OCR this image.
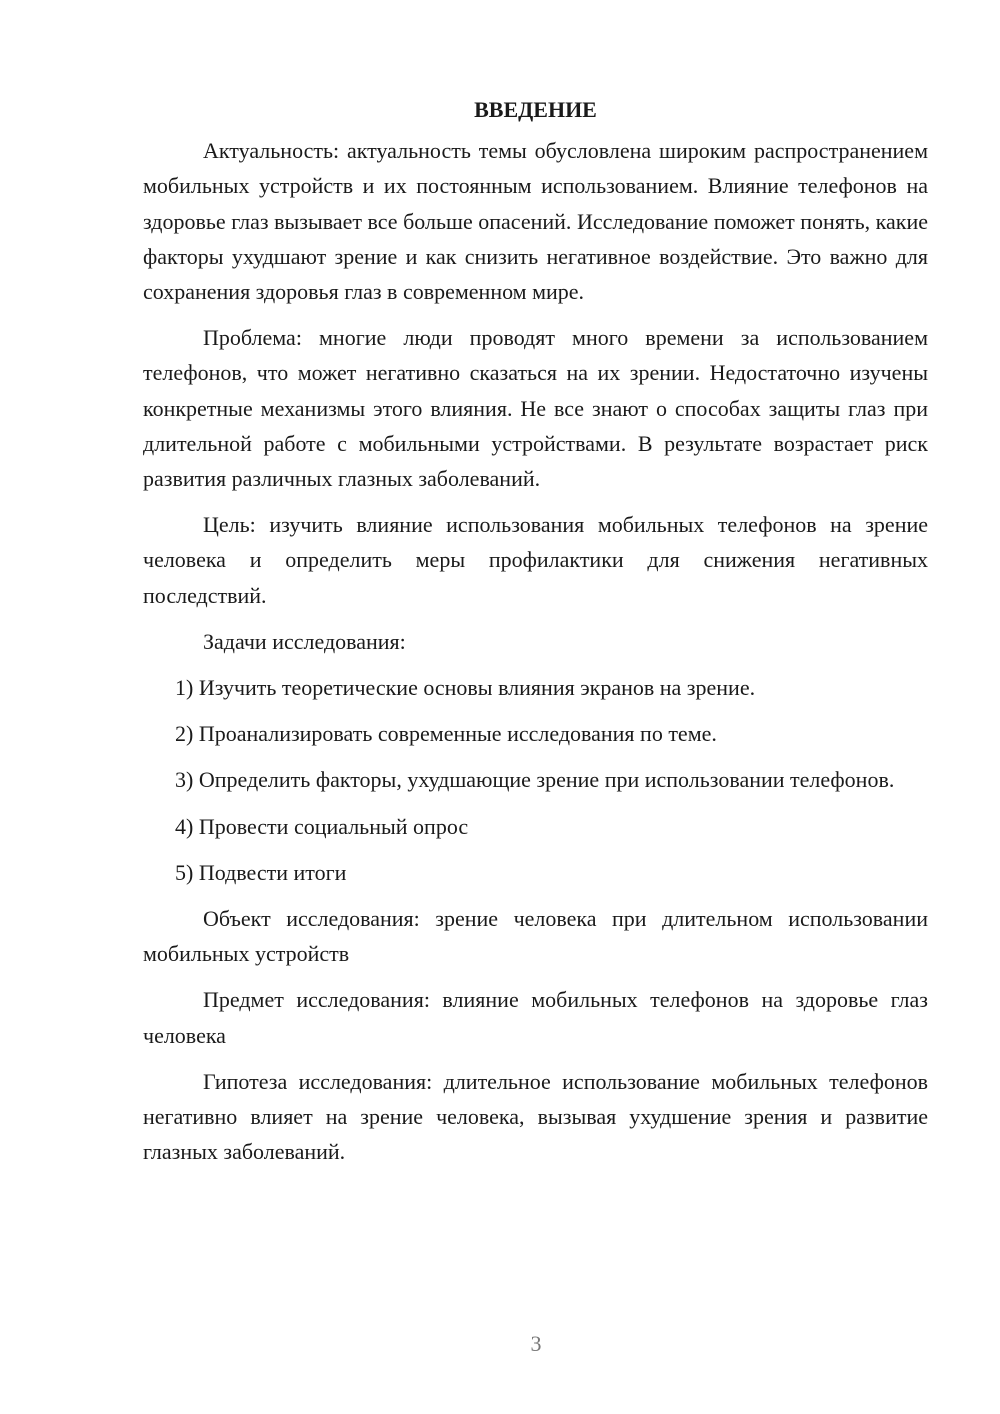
ВВЕДЕНИЕ

Актуальность: актуальность темы обусловлена широким распространением мобильных устройств и их постоянным использованием. Влияние телефонов на здоровье глаз вызывает все больше опасений. Исследование поможет понять, какие факторы ухудшают зрение и как снизить негативное воздействие. Это важно для сохранения здоровья глаз в современном мире.

Проблема: многие люди проводят много времени за использованием телефонов, что может негативно сказаться на их зрении. Недостаточно изучены конкретные механизмы этого влияния. Не все знают о способах защиты глаз при длительной работе с мобильными устройствами. В результате возрастает риск развития различных глазных заболеваний.

Цель: изучить влияние использования мобильных телефонов на зрение человека и определить меры профилактики для снижения негативных последствий.

Задачи исследования:

1) Изучить теоретические основы влияния экранов на зрение.

2) Проанализировать современные исследования по теме.

3) Определить факторы, ухудшающие зрение при использовании телефонов.

4) Провести социальный опрос

5) Подвести итоги

Объект исследования: зрение человека при длительном использовании мобильных устройств

Предмет исследования: влияние мобильных телефонов на здоровье глаз человека

Гипотеза исследования: длительное использование мобильных телефонов негативно влияет на зрение человека, вызывая ухудшение зрения и развитие глазных заболеваний.

3
